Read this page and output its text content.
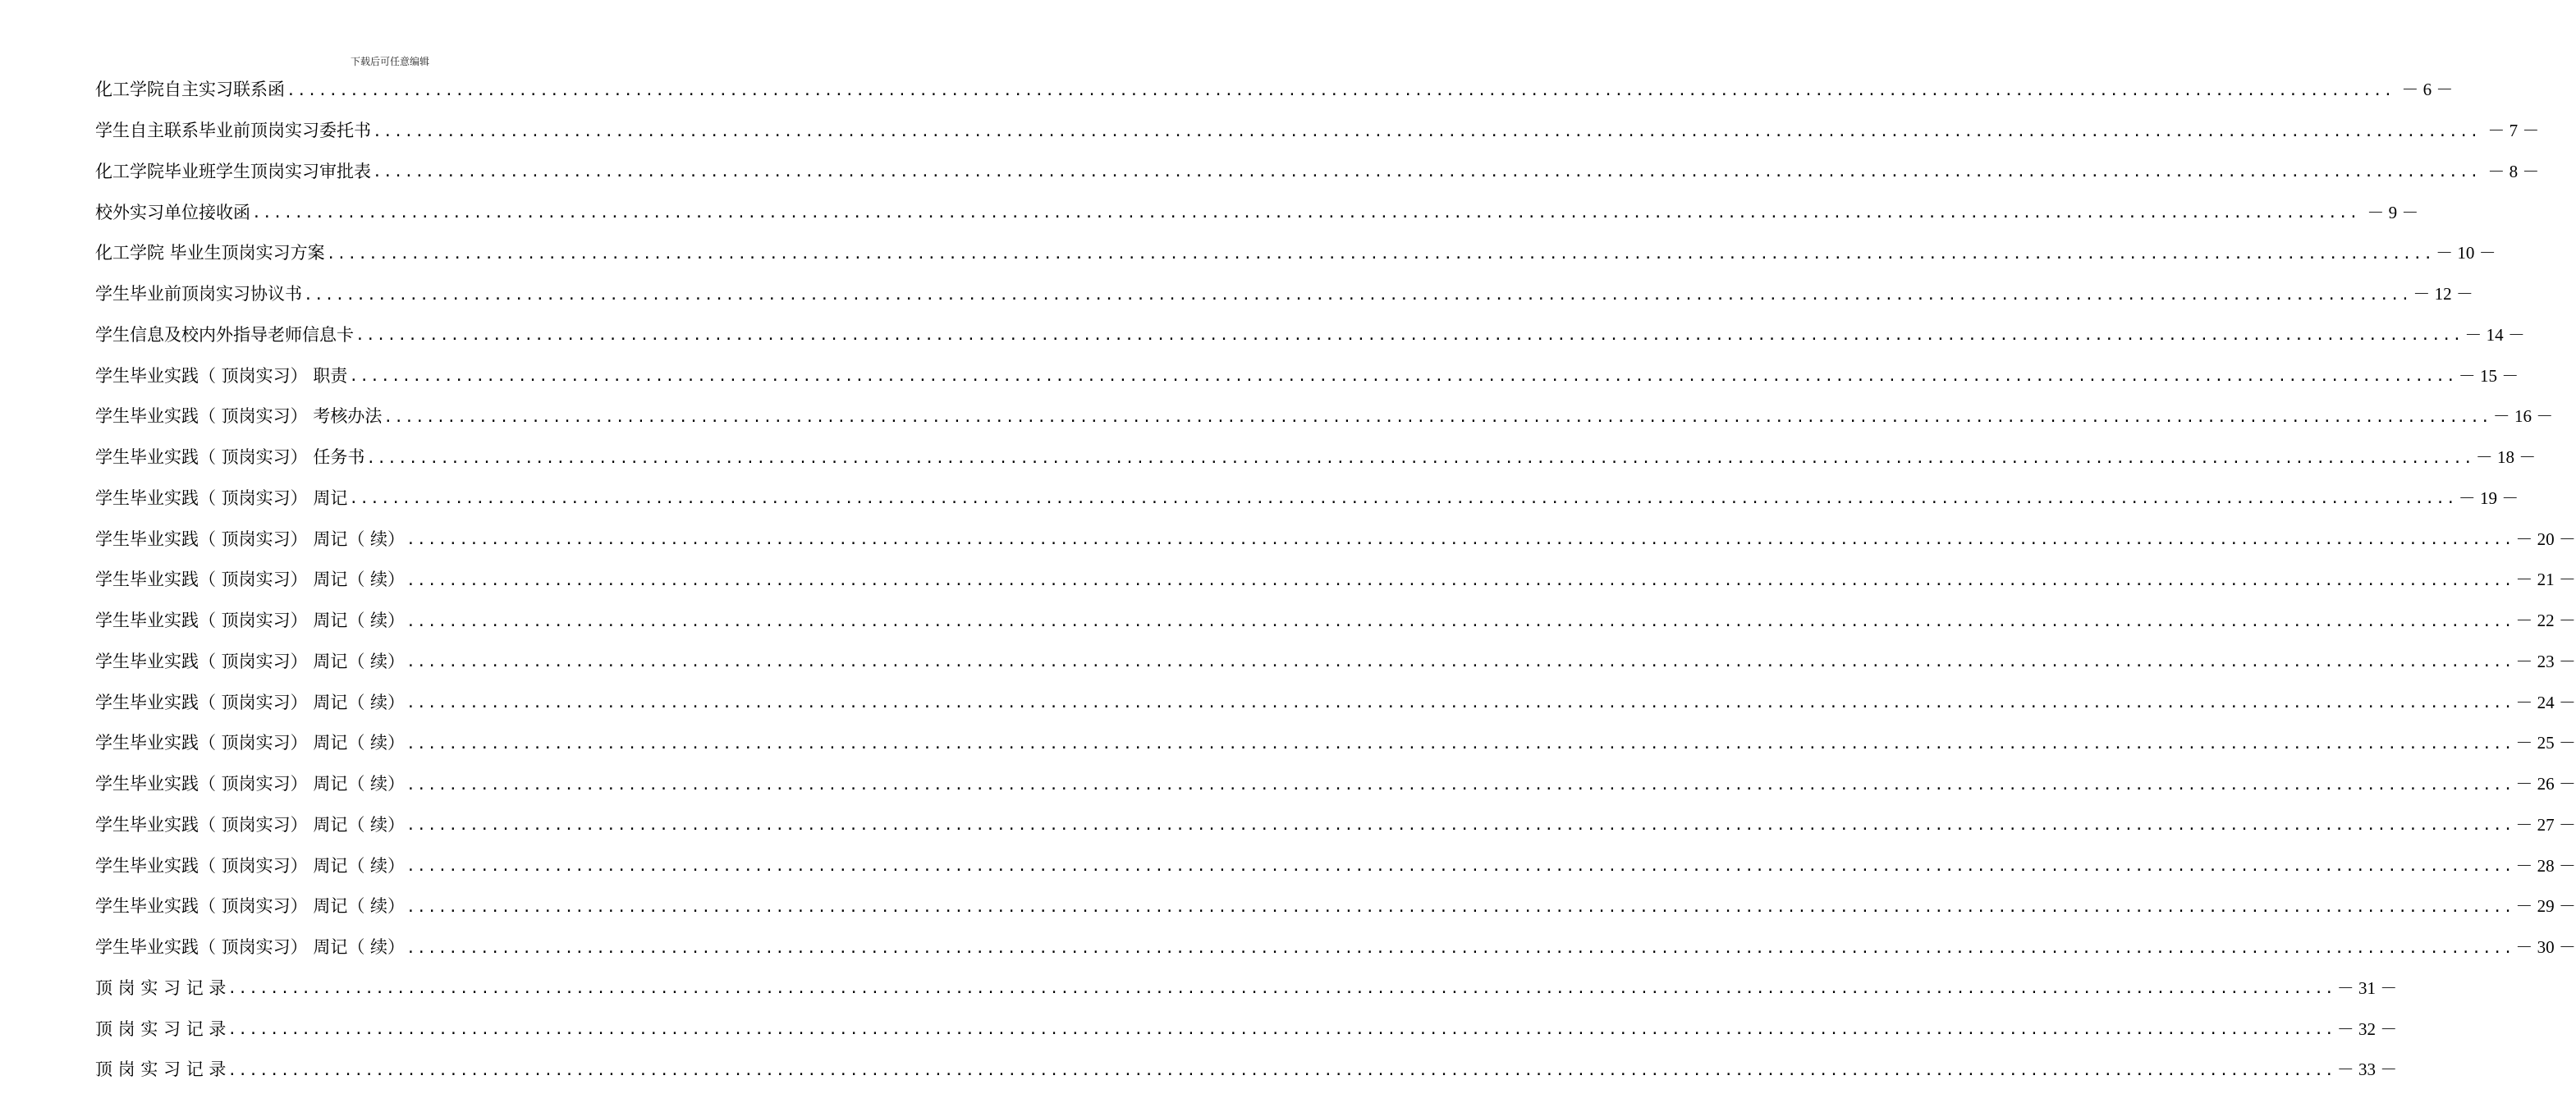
下载后可任意编辑
化工学院自主实习联系函 ........................................................................................................................................................................................................ － 6 －
学生自主联系毕业前顶岗实习委托书 ........................................................................................................................................................................................................ － 7 －
化工学院毕业班学生顶岗实习审批表 ........................................................................................................................................................................................................ － 8 －
校外实习单位接收函 ........................................................................................................................................................................................................ － 9 －
化工学院 毕业生顶岗实习方案 ........................................................................................................................................................................................................ － 10 －
学生毕业前顶岗实习协议书 ........................................................................................................................................................................................................ － 12 －
学生信息及校内外指导老师信息卡 ........................................................................................................................................................................................................ － 14 －
学生毕业实践（ 顶岗实习） 职责 ........................................................................................................................................................................................................ － 15 －
学生毕业实践（ 顶岗实习） 考核办法 ........................................................................................................................................................................................................ － 16 －
学生毕业实践（ 顶岗实习） 任务书 ........................................................................................................................................................................................................ － 18 －
学生毕业实践（ 顶岗实习） 周记 ........................................................................................................................................................................................................ － 19 －
学生毕业实践（ 顶岗实习） 周记（ 续） ........................................................................................................................................................................................................ － 20 －
学生毕业实践（ 顶岗实习） 周记（ 续） ........................................................................................................................................................................................................ － 21 －
学生毕业实践（ 顶岗实习） 周记（ 续） ........................................................................................................................................................................................................ － 22 －
学生毕业实践（ 顶岗实习） 周记（ 续） ........................................................................................................................................................................................................ － 23 －
学生毕业实践（ 顶岗实习） 周记（ 续） ........................................................................................................................................................................................................ － 24 －
学生毕业实践（ 顶岗实习） 周记（ 续） ........................................................................................................................................................................................................ － 25 －
学生毕业实践（ 顶岗实习） 周记（ 续） ........................................................................................................................................................................................................ － 26 －
学生毕业实践（ 顶岗实习） 周记（ 续） ........................................................................................................................................................................................................ － 27 －
学生毕业实践（ 顶岗实习） 周记（ 续） ........................................................................................................................................................................................................ － 28 －
学生毕业实践（ 顶岗实习） 周记（ 续） ........................................................................................................................................................................................................ － 29 －
学生毕业实践（ 顶岗实习） 周记（ 续） ........................................................................................................................................................................................................ － 30 －
顶 岗 实 习 记 录 ........................................................................................................................................................................................................ － 31 －
顶 岗 实 习 记 录 ........................................................................................................................................................................................................ － 32 －
顶 岗 实 习 记 录 ........................................................................................................................................................................................................ － 33 －
